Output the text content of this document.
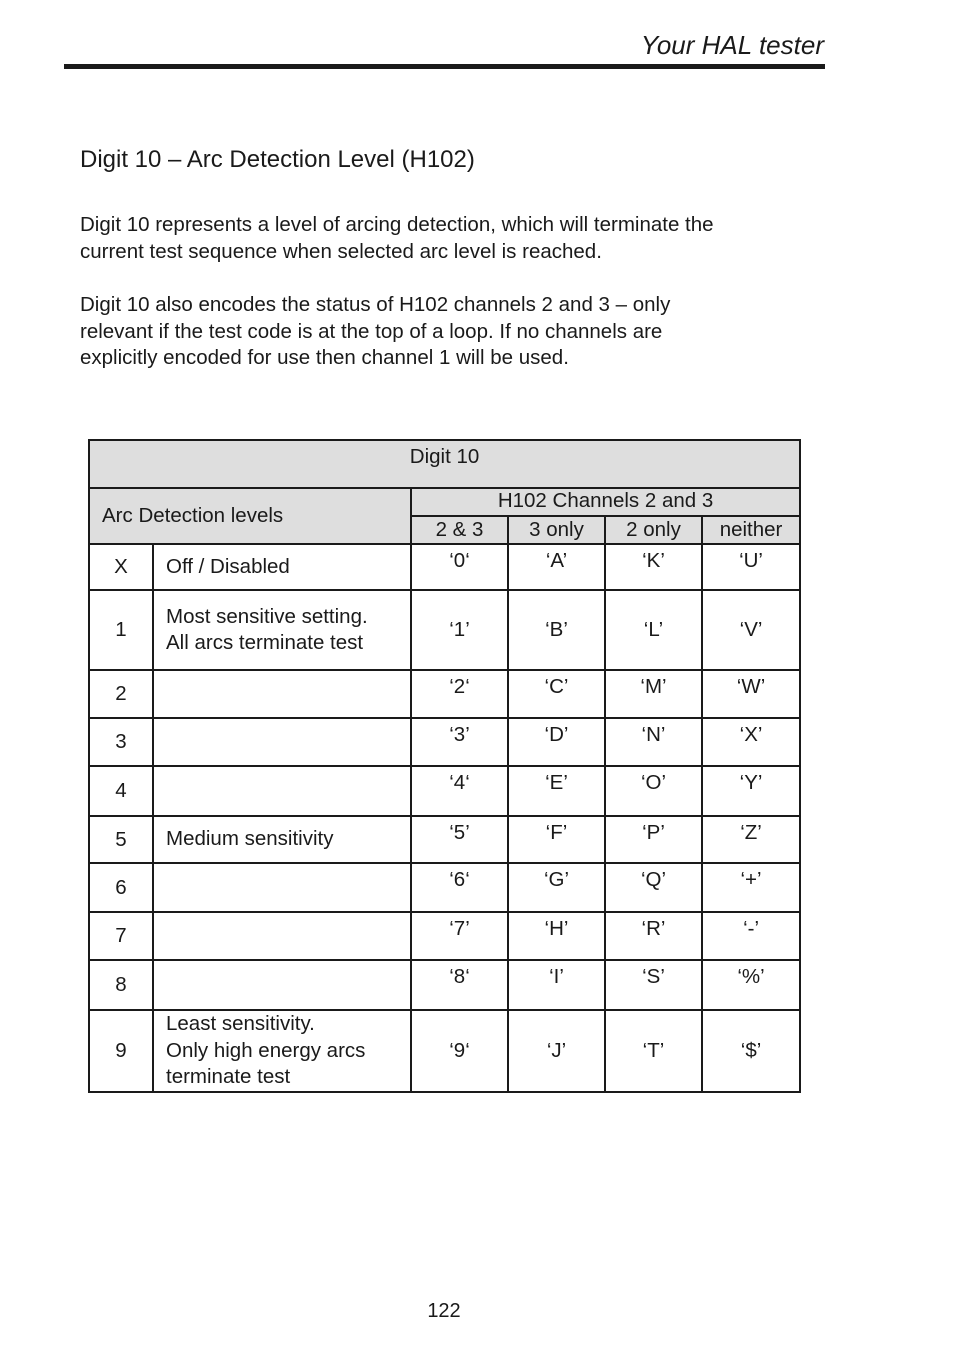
Your HAL tester
Digit 10 – Arc Detection Level (H102)

Digit 10 represents a level of arcing detection, which will terminate the
current test sequence when selected arc level is reached.

Digit 10 also encodes the status of H102 channels 2 and 3 – only
relevant if the test code is at the top of a loop. If no channels are
explicitly encoded for use then channel 1 will be used.

Digit 10					
Arc Detection levels		H102 Channels 2 and 3			
		2 & 3	3 only	2 only	neither
X	Off / Disabled	‘0‘	‘A’	‘K’	‘U’
1	Most sensitive setting.
All arcs terminate test	‘1’	‘B’	‘L’	‘V’
2		‘2‘	‘C’	‘M’	‘W’
3		‘3’	‘D’	‘N’	‘X’
4		‘4‘	‘E’	‘O’	‘Y’
5	Medium sensitivity	‘5’	‘F’	‘P’	‘Z’
6		‘6‘	‘G’	‘Q’	‘+’
7		‘7’	‘H’	‘R’	‘-’
8		‘8‘	‘I’	‘S’	‘%’
9	Least sensitivity.
Only high energy arcs
terminate test	‘9‘	‘J’	‘T’	‘$’
122
